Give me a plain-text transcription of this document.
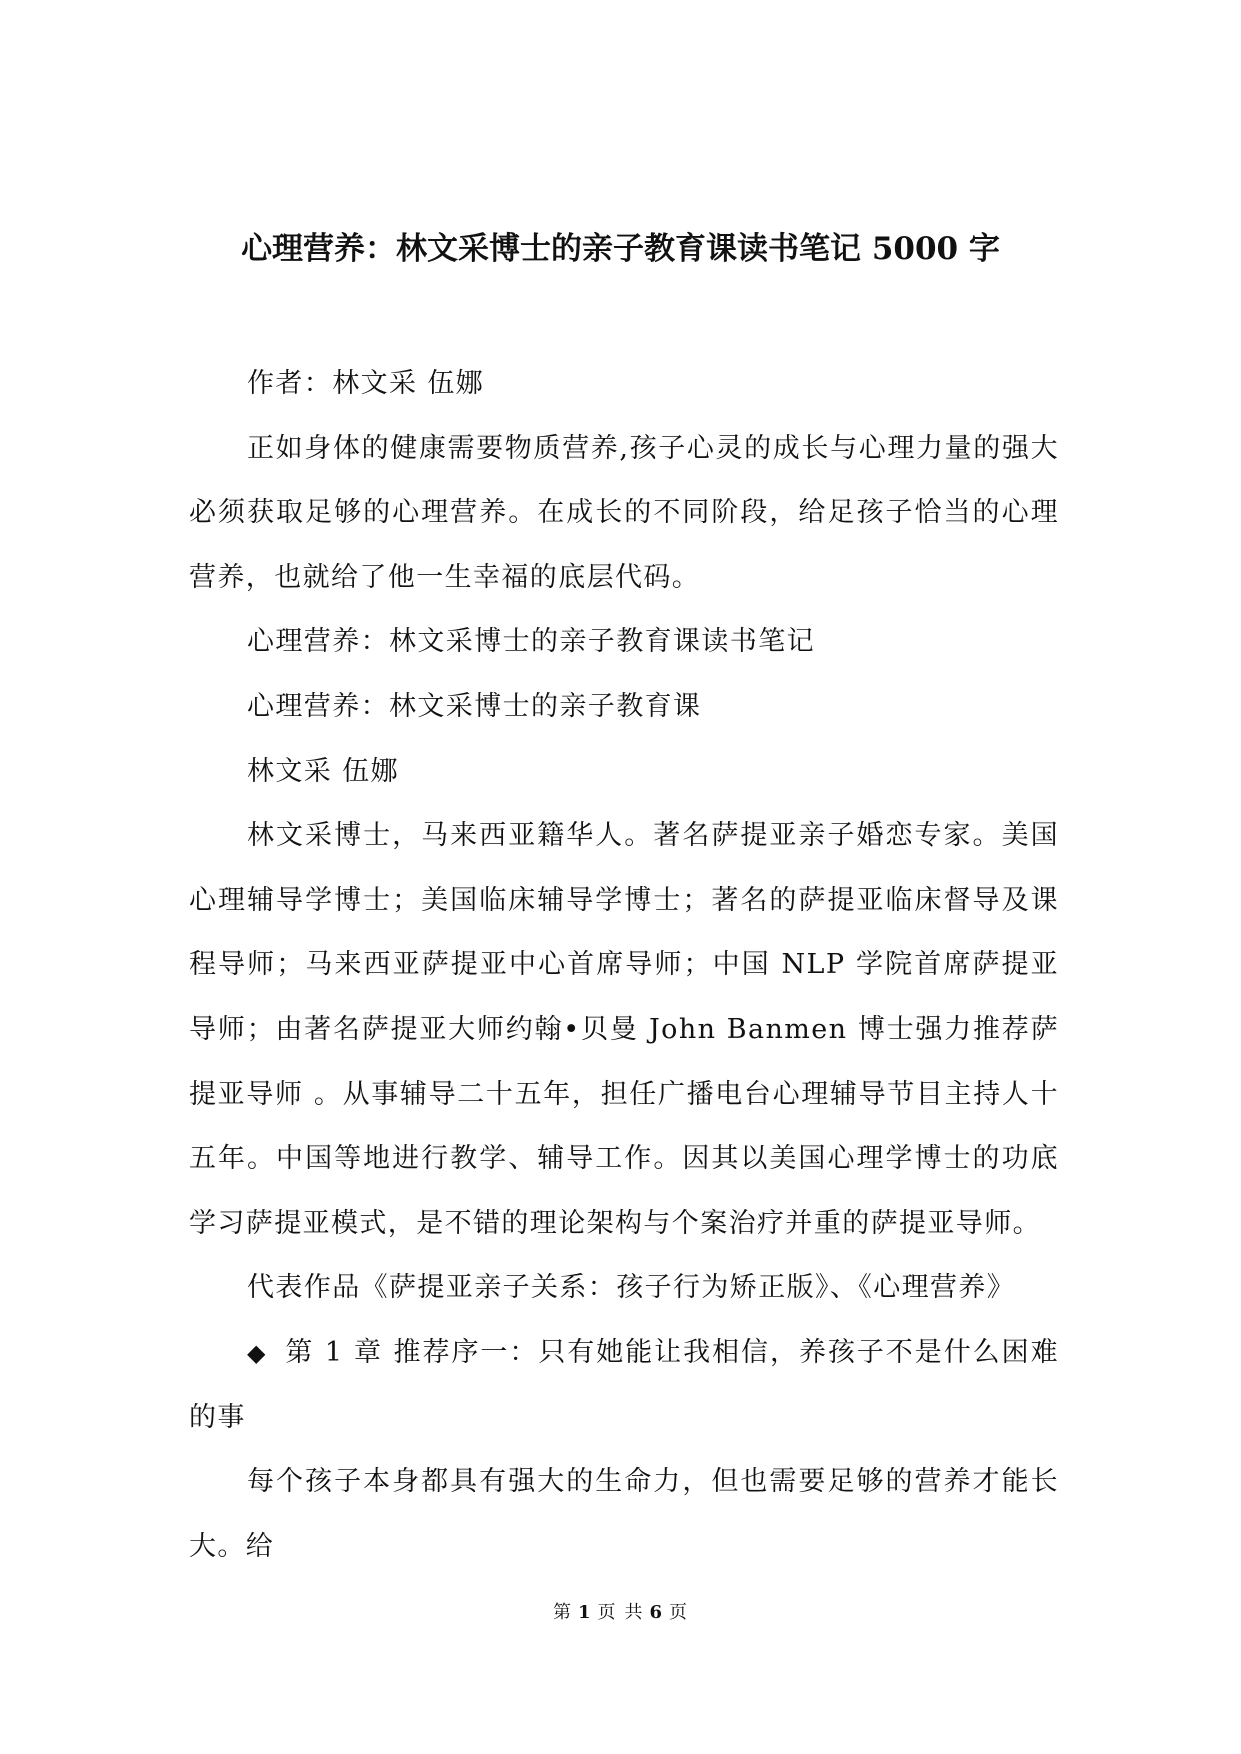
心理营养：林文采博士的亲子教育课读书笔记 5000 字

作者：林文采 伍娜

正如身体的健康需要物质营养,孩子心灵的成长与心理力量的强大必须获取足够的心理营养。在成长的不同阶段，给足孩子恰当的心理营养，也就给了他一生幸福的底层代码。

心理营养：林文采博士的亲子教育课读书笔记

心理营养：林文采博士的亲子教育课

林文采 伍娜

林文采博士，马来西亚籍华人。著名萨提亚亲子婚恋专家。美国心理辅导学博士；美国临床辅导学博士；著名的萨提亚临床督导及课程导师；马来西亚萨提亚中心首席导师；中国 NLP 学院首席萨提亚导师；由著名萨提亚大师约翰•贝曼 John Banmen 博士强力推荐萨提亚导师 。从事辅导二十五年，担任广播电台心理辅导节目主持人十五年。中国等地进行教学、辅导工作。因其以美国心理学博士的功底学习萨提亚模式，是不错的理论架构与个案治疗并重的萨提亚导师。

代表作品《萨提亚亲子关系：孩子行为矫正版》、《心理营养》

◆ 第 1 章 推荐序一：只有她能让我相信，养孩子不是什么困难的事

每个孩子本身都具有强大的生命力，但也需要足够的营养才能长大。给

第 1 页 共 6 页
